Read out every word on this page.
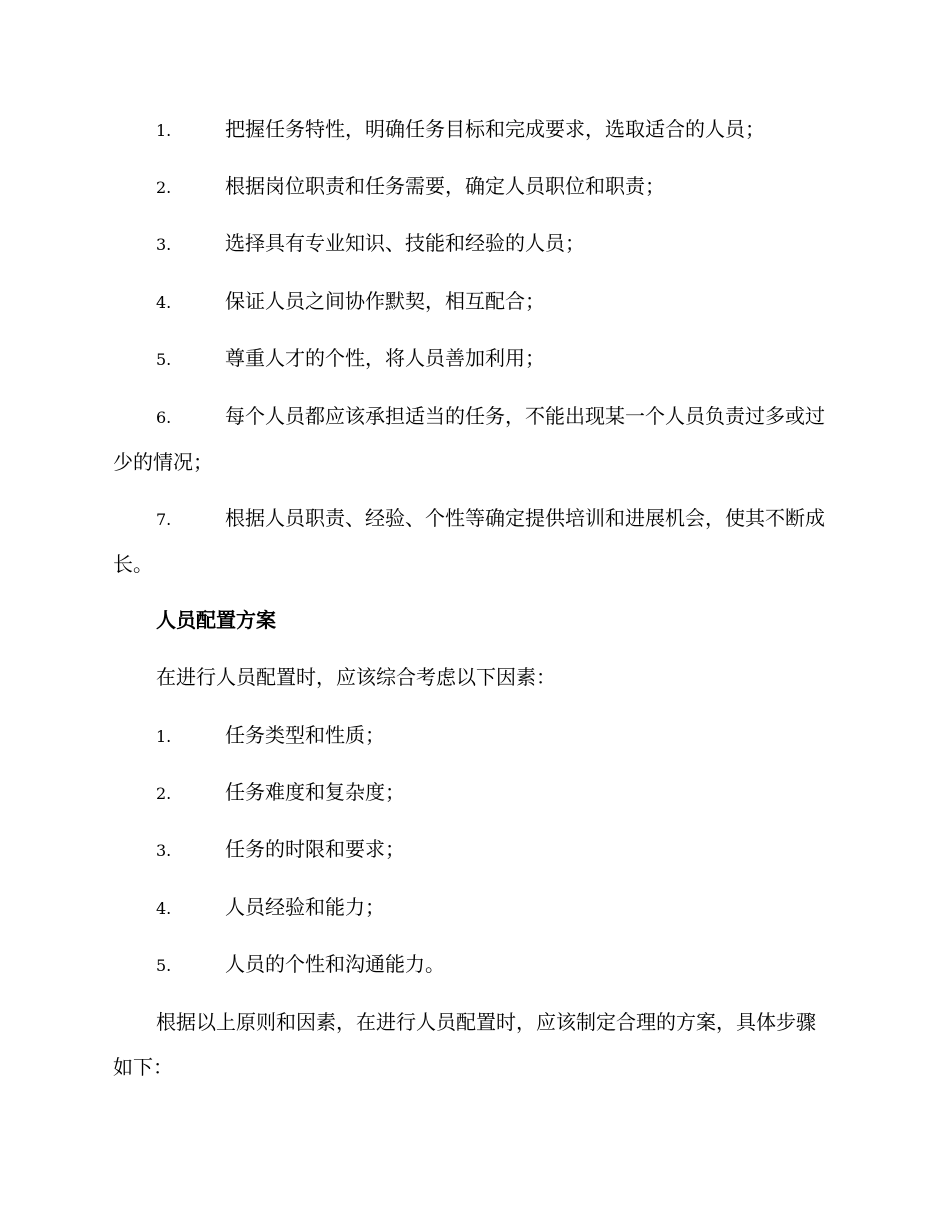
1.	把握任务特性，明确任务目标和完成要求，选取适合的人员；
2.	根据岗位职责和任务需要，确定人员职位和职责；
3.	选择具有专业知识、技能和经验的人员；
4.	保证人员之间协作默契，相互配合；
5.	尊重人才的个性，将人员善加利用；
6.	每个人员都应该承担适当的任务，不能出现某一个人员负责过多或过少的情况；
7.	根据人员职责、经验、个性等确定提供培训和进展机会，使其不断成长。
人员配置方案
在进行人员配置时，应该综合考虑以下因素：
1.	任务类型和性质；
2.	任务难度和复杂度；
3.	任务的时限和要求；
4.	人员经验和能力；
5.	人员的个性和沟通能力。
根据以上原则和因素，在进行人员配置时，应该制定合理的方案，具体步骤如下：
